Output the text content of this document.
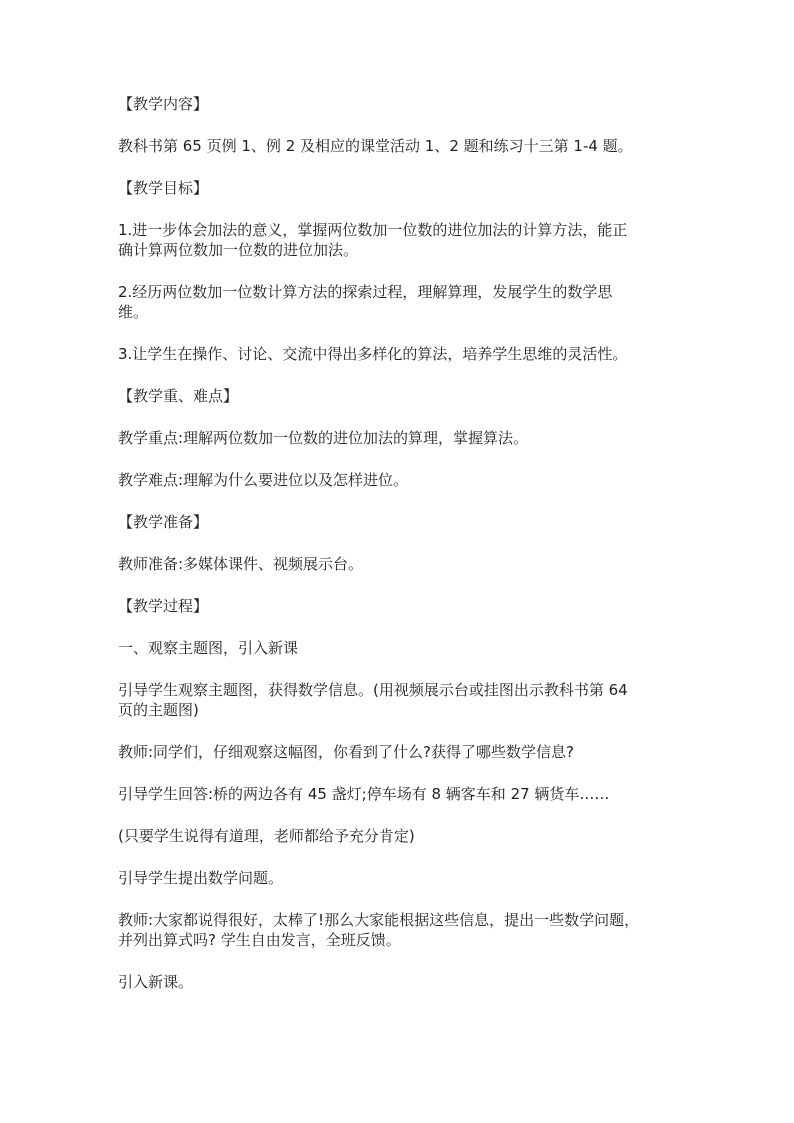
【教学内容】

教科书第 65 页例 1、例 2 及相应的课堂活动 1、2 题和练习十三第 1-4 题。

【教学目标】

1.进一步体会加法的意义，掌握两位数加一位数的进位加法的计算方法，能正
确计算两位数加一位数的进位加法。

2.经历两位数加一位数计算方法的探索过程，理解算理，发展学生的数学思
维。

3.让学生在操作、讨论、交流中得出多样化的算法，培养学生思维的灵活性。

【教学重、难点】

教学重点:理解两位数加一位数的进位加法的算理，掌握算法。

教学难点:理解为什么要进位以及怎样进位。

【教学准备】

教师准备:多媒体课件、视频展示台。

【教学过程】

一、观察主题图，引入新课

引导学生观察主题图，获得数学信息。(用视频展示台或挂图出示教科书第 64
页的主题图)

教师:同学们，仔细观察这幅图，你看到了什么?获得了哪些数学信息?

引导学生回答:桥的两边各有 45 盏灯;停车场有 8 辆客车和 27 辆货车……

(只要学生说得有道理，老师都给予充分肯定)

引导学生提出数学问题。

教师:大家都说得很好，太棒了!那么大家能根据这些信息，提出一些数学问题，
并列出算式吗? 学生自由发言，全班反馈。

引入新课。
